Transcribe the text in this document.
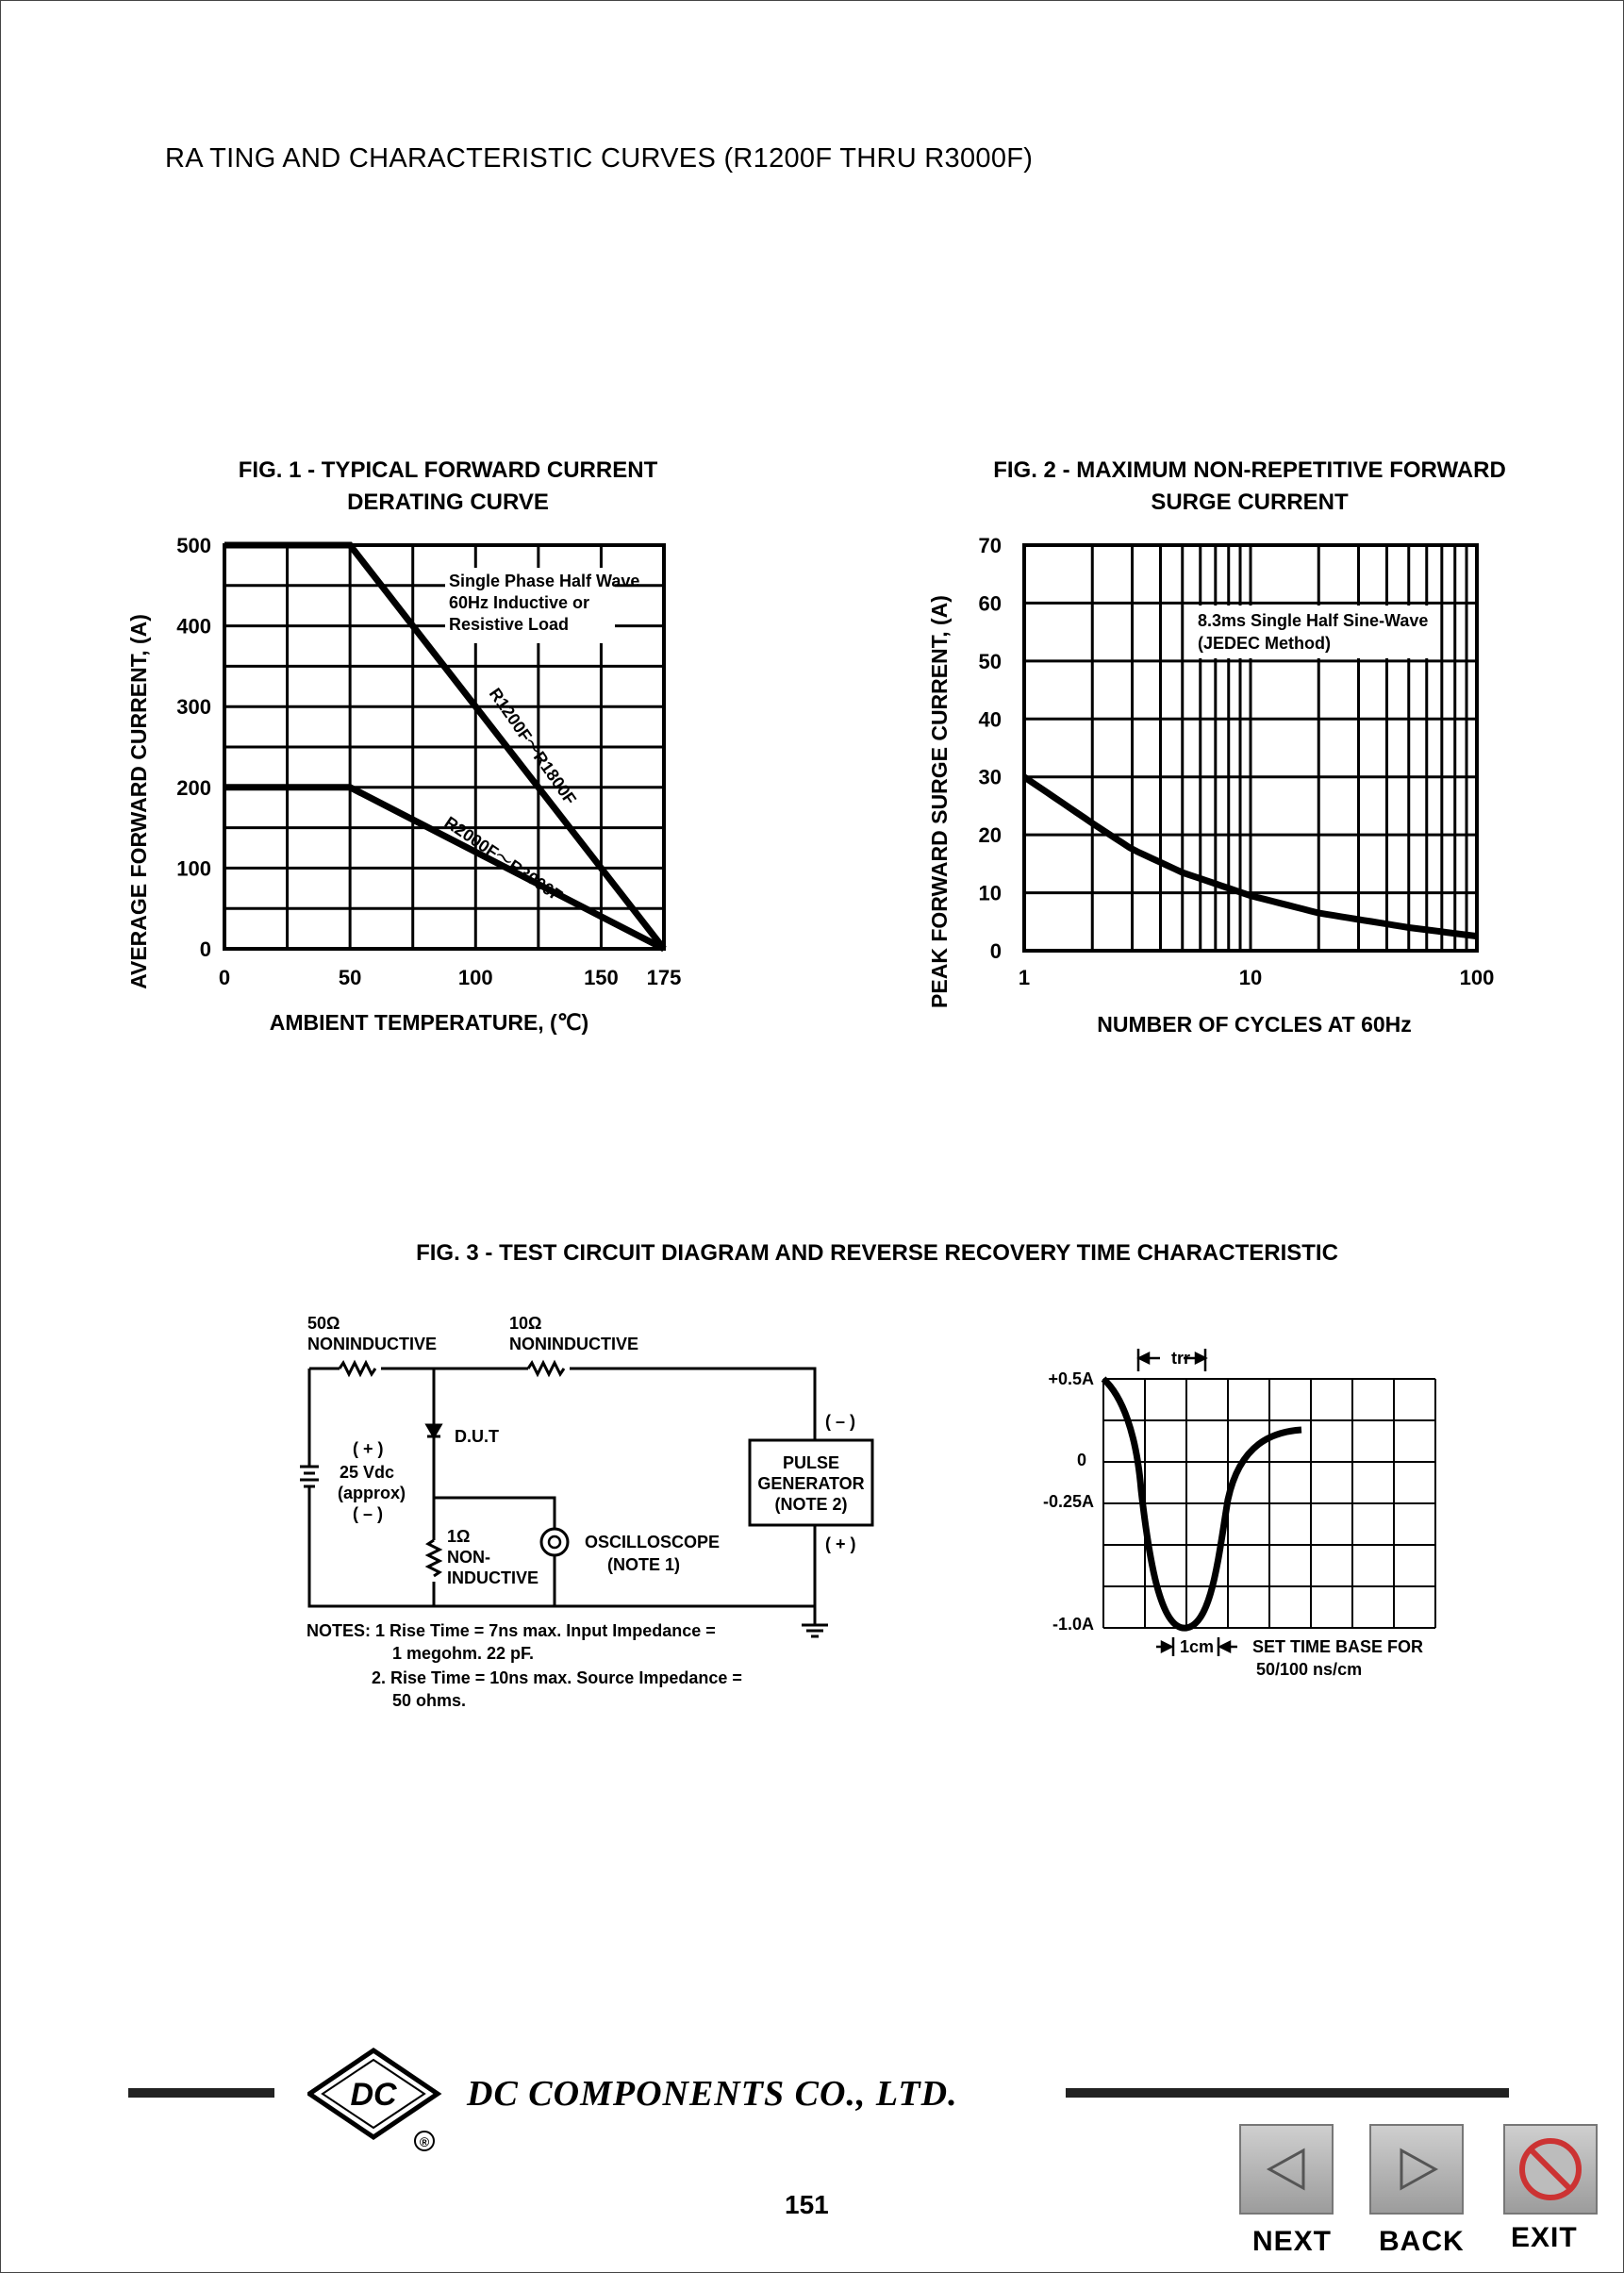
RA TING AND CHARACTERISTIC CURVES (R1200F THRU R3000F)
FIG. 1 - TYPICAL FORWARD CURRENT
DERATING CURVE
0	50	100	150 175
0
100
200
300
400
500
Single Phase Half Wave
60Hz Inductive or
Resistive Load
R1200F～R1800F
R2000F～R3000F
AMBIENT TEMPERATURE, (℃)
AVERAGE FORWARD CURRENT, (A)
FIG. 2 - MAXIMUM NON-REPETITIVE FORWARD
SURGE CURRENT
8.3ms Single Half Sine-Wave
(JEDEC Method)
1	10	100
0
10
20
30
40
50
60
70
NUMBER OF CYCLES AT 60Hz
PEAK FORWARD SURGE CURRENT, (A)
FIG. 3 - TEST CIRCUIT DIAGRAM AND REVERSE RECOVERY TIME CHARACTERISTIC
50Ω
NONINDUCTIVE
10Ω
NONINDUCTIVE
D.U.T
( + )
25 Vdc
(approx)
( – )
1Ω
NON-
INDUCTIVE
OSCILLOSCOPE
(NOTE 1)
( – )
( + )
PULSE
GENERATOR
(NOTE 2)
NOTES: 1 Rise Time = 7ns max. Input Impedance =
1 megohm. 22 pF.
2. Rise Time = 10ns max. Source Impedance =
50 ohms.
trr
+0.5A
0
-0.25A
-1.0A
1cm SET TIME BASE FOR
50/100 ns/cm
DC
®
DC COMPONENTS CO., LTD.
151
NEXT BACK EXIT
